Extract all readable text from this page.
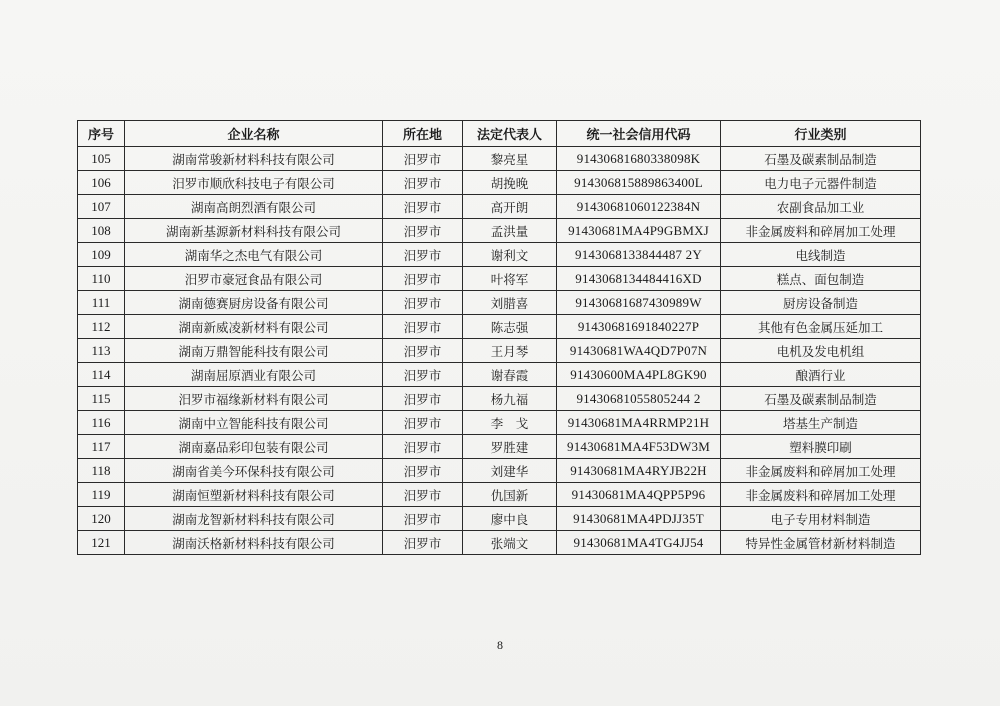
序号	企业名称	所在地	法定代表人	统一社会信用代码	行业类别
105	湖南常骏新材料科技有限公司	汨罗市	黎亮星	91430681680338098K	石墨及碳素制品制造
106	汨罗市顺欣科技电子有限公司	汨罗市	胡挽晚	914306815889863400L	电力电子元器件制造
107	湖南高朗烈酒有限公司	汨罗市	高开朗	91430681060122384N	农副食品加工业
108	湖南新基源新材料科技有限公司	汨罗市	孟洪量	91430681MA4P9GBMXJ	非金属废料和碎屑加工处理
109	湖南华之杰电气有限公司	汨罗市	谢利文	9143068133844487 2Y	电线制造
110	汨罗市豪冠食品有限公司	汨罗市	叶将军	9143068134484416XD	糕点、面包制造
111	湖南德赛厨房设备有限公司	汨罗市	刘腊喜	91430681687430989W	厨房设备制造
112	湖南新威凌新材料有限公司	汨罗市	陈志强	91430681691840227P	其他有色金属压延加工
113	湖南万鼎智能科技有限公司	汨罗市	王月琴	91430681WA4QD7P07N	电机及发电机组
114	湖南屈原酒业有限公司	汨罗市	谢春霞	91430600MA4PL8GK90	酿酒行业
115	汨罗市福缘新材料有限公司	汨罗市	杨九福	91430681055805244 2	石墨及碳素制品制造
116	湖南中立智能科技有限公司	汨罗市	李　戈	91430681MA4RRMP21H	塔基生产制造
117	湖南嘉品彩印包装有限公司	汨罗市	罗胜建	91430681MA4F53DW3M	塑料膜印刷
118	湖南省美今环保科技有限公司	汨罗市	刘建华	91430681MA4RYJB22H	非金属废料和碎屑加工处理
119	湖南恒塑新材料科技有限公司	汨罗市	仇国新	91430681MA4QPP5P96	非金属废料和碎屑加工处理
120	湖南龙智新材料科技有限公司	汨罗市	廖中良	91430681MA4PDJJ35T	电子专用材料制造
121	湖南沃格新材料科技有限公司	汨罗市	张端文	91430681MA4TG4JJ54	特异性金属管材新材料制造
8
